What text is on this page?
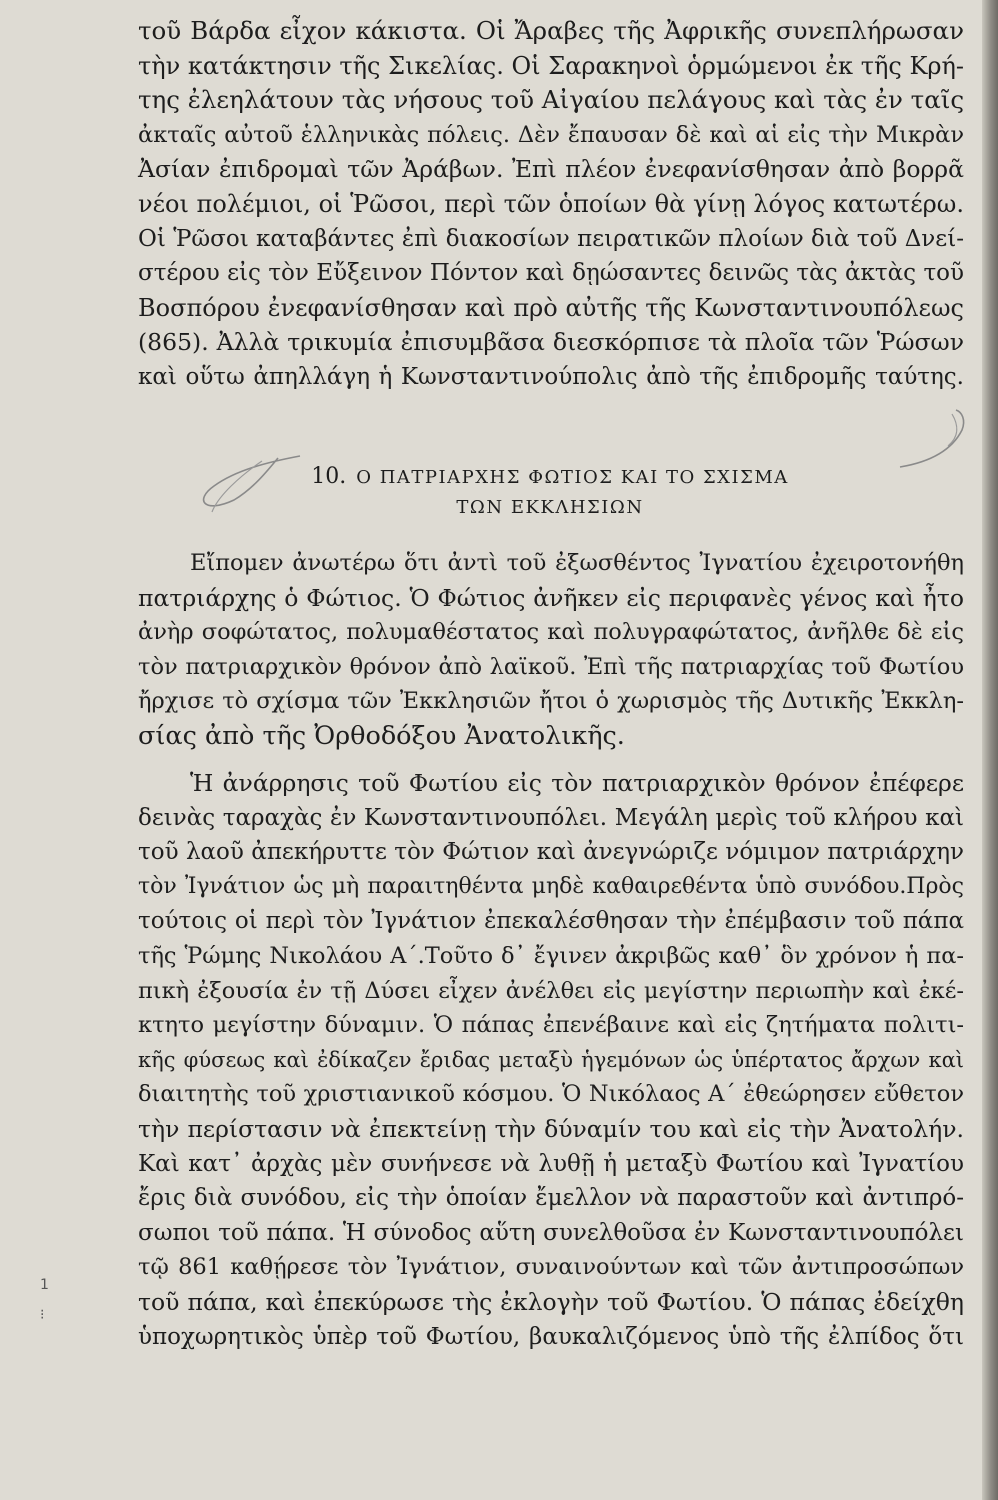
τοῦ Βάρδα εἶχον κάκιστα. Οἱ Ἄραβες τῆς Ἀφρικῆς συνεπλήρωσαν
τὴν κατάκτησιν τῆς Σικελίας. Οἱ Σαρακηνοὶ ὁρμώμενοι ἐκ τῆς Κρή-
της ἐλεηλάτουν τὰς νήσους τοῦ Αἰγαίου πελάγους καὶ τὰς ἐν ταῖς
ἀκταῖς αὐτοῦ ἑλληνικὰς πόλεις. Δὲν ἔπαυσαν δὲ καὶ αἱ εἰς τὴν Μικρὰν
Ἀσίαν ἐπιδρομαὶ τῶν Ἀράβων. Ἐπὶ πλέον ἐνεφανίσθησαν ἀπὸ βορρᾶ
νέοι πολέμιοι, οἱ Ῥῶσοι, περὶ τῶν ὁποίων θὰ γίνῃ λόγος κατωτέρω.
Οἱ Ῥῶσοι καταβάντες ἐπὶ διακοσίων πειρατικῶν πλοίων διὰ τοῦ Δνεί-
στέρου εἰς τὸν Εὔξεινον Πόντον καὶ δῃώσαντες δεινῶς τὰς ἀκτὰς τοῦ
Βοσπόρου ἐνεφανίσθησαν καὶ πρὸ αὐτῆς τῆς Κωνσταντινουπόλεως
(865). Ἀλλὰ τρικυμία ἐπισυμβᾶσα διεσκόρπισε τὰ πλοῖα τῶν Ῥώσων
καὶ οὕτω ἀπηλλάγη ἡ Κωνσταντινούπολις ἀπὸ τῆς ἐπιδρομῆς ταύτης.
10. Ο ΠΑΤΡΙΑΡΧΗΣ ΦΩΤΙΟΣ ΚΑΙ ΤΟ ΣΧΙΣΜΑ
ΤΩΝ ΕΚΚΛΗΣΙΩΝ
Εἴπομεν ἀνωτέρω ὅτι ἀντὶ τοῦ ἐξωσθέντος Ἰγνατίου ἐχειροτονήθη
πατριάρχης ὁ Φώτιος. Ὁ Φώτιος ἀνῆκεν εἰς περιφανὲς γένος καὶ ἦτο
ἀνὴρ σοφώτατος, πολυμαθέστατος καὶ πολυγραφώτατος, ἀνῆλθε δὲ εἰς
τὸν πατριαρχικὸν θρόνον ἀπὸ λαϊκοῦ. Ἐπὶ τῆς πατριαρχίας τοῦ Φωτίου
ἤρχισε τὸ σχίσμα τῶν Ἐκκλησιῶν ἤτοι ὁ χωρισμὸς τῆς Δυτικῆς Ἐκκλη-
σίας ἀπὸ τῆς Ὀρθοδόξου Ἀνατολικῆς.
Ἡ ἀνάρρησις τοῦ Φωτίου εἰς τὸν πατριαρχικὸν θρόνον ἐπέφερε
δεινὰς ταραχὰς ἐν Κωνσταντινουπόλει. Μεγάλη μερὶς τοῦ κλήρου καὶ
τοῦ λαοῦ ἀπεκήρυττε τὸν Φώτιον καὶ ἀνεγνώριζε νόμιμον πατριάρχην
τὸν Ἰγνάτιον ὡς μὴ παραιτηθέντα μηδὲ καθαιρεθέντα ὑπὸ συνόδου.Πρὸς
τούτοις οἱ περὶ τὸν Ἰγνάτιον ἐπεκαλέσθησαν τὴν ἐπέμβασιν τοῦ πάπα
τῆς Ῥώμης Νικολάου Α΄.Τοῦτο δ᾽ ἔγινεν ἀκριβῶς καθ᾽ ὃν χρόνον ἡ πα-
πικὴ ἐξουσία ἐν τῇ Δύσει εἶχεν ἀνέλθει εἰς μεγίστην περιωπὴν καὶ ἐκέ-
κτητο μεγίστην δύναμιν. Ὁ πάπας ἐπενέβαινε καὶ εἰς ζητήματα πολιτι-
κῆς φύσεως καὶ ἐδίκαζεν ἔριδας μεταξὺ ἡγεμόνων ὡς ὑπέρτατος ἄρχων καὶ
διαιτητὴς τοῦ χριστιανικοῦ κόσμου. Ὁ Νικόλαος Α΄ ἐθεώρησεν εὔθετον
τὴν περίστασιν νὰ ἐπεκτείνῃ τὴν δύναμίν του καὶ εἰς τὴν Ἀνατολήν.
Καὶ κατ᾽ ἀρχὰς μὲν συνήνεσε νὰ λυθῇ ἡ μεταξὺ Φωτίου καὶ Ἰγνατίου
ἔρις διὰ συνόδου, εἰς τὴν ὁποίαν ἔμελλον νὰ παραστοῦν καὶ ἀντιπρό-
σωποι τοῦ πάπα. Ἡ σύνοδος αὕτη συνελθοῦσα ἐν Κωνσταντινουπόλει
τῷ 861 καθῄρεσε τὸν Ἰγνάτιον, συναινούντων καὶ τῶν ἀντιπροσώπων
τοῦ πάπα, καὶ ἐπεκύρωσε τὴς ἐκλογὴν τοῦ Φωτίου. Ὁ πάπας ἐδείχθη
ὑποχωρητικὸς ὑπὲρ τοῦ Φωτίου, βαυκαλιζόμενος ὑπὸ τῆς ἐλπίδος ὅτι
1
⁝
